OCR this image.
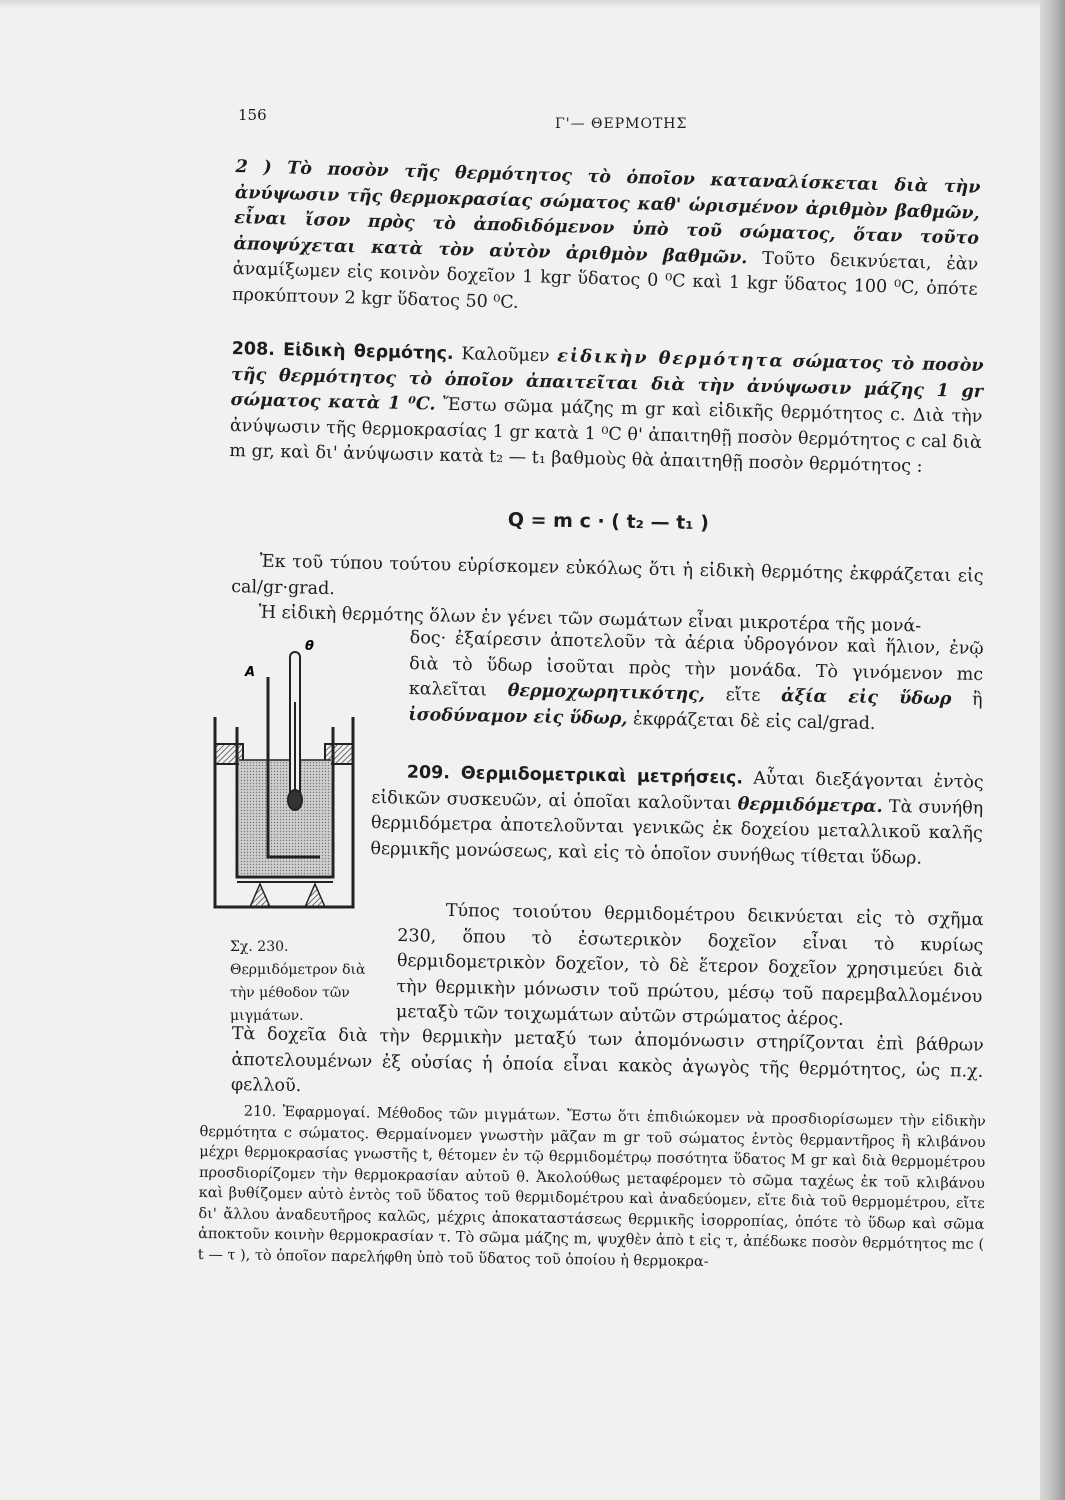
156	Γ'— ΘΕΡΜΟΤΗΣ
2 ) Τὸ ποσὸν τῆς θερμότητος τὸ ὁποῖον καταναλίσκεται διὰ τὴν ἀνύψωσιν τῆς θερμοκρασίας σώματος καθ' ὡρισμένον ἀριθμὸν βαθμῶν, εἶναι ἴσον πρὸς τὸ ἀποδιδόμενον ὑπὸ τοῦ σώματος, ὅταν τοῦτο ἀποψύχεται κατὰ τὸν αὐτὸν ἀριθμὸν βαθμῶν. Τοῦτο δεικνύεται, ἐὰν ἀναμίξωμεν εἰς κοινὸν δοχεῖον 1 kgr ὕδατος 0 ⁰C καὶ 1 kgr ὕδατος 100 ⁰C, ὁπότε προκύπτουν 2 kgr ὕδατος 50 ⁰C.
208. Εἰδικὴ θερμότης. Καλοῦμεν εἰδικὴν θερμότητα σώματος τὸ ποσὸν τῆς θερμότητος τὸ ὁποῖον ἀπαιτεῖται διὰ τὴν ἀνύψωσιν μάζης 1 gr σώματος κατὰ 1 ⁰C. Ἔστω σῶμα μάζης m gr καὶ εἰδικῆς θερμότητος c. Διὰ τὴν ἀνύψωσιν τῆς θερμοκρασίας 1 gr κατὰ 1 ⁰C θ' ἀπαιτηθῇ ποσὸν θερμότητος c cal διὰ m gr, καὶ δι' ἀνύψωσιν κατὰ t₂ — t₁ βαθμοὺς θὰ ἀπαιτηθῇ ποσὸν θερμότητος :
Q = m c · ( t₂ — t₁ )
Ἐκ τοῦ τύπου τούτου εὑρίσκομεν εὐκόλως ὅτι ἡ εἰδικὴ θερμότης ἐκφράζεται εἰς cal/gr·grad.
Ἡ εἰδικὴ θερμότης ὅλων ἐν γένει τῶν σωμάτων εἶναι μικροτέρα τῆς μονά-
δος· ἐξαίρεσιν ἀποτελοῦν τὰ ἀέρια ὑδρογόνον καὶ ἥλιον, ἐνῷ διὰ τὸ ὕδωρ ἰσοῦται πρὸς τὴν μονάδα. Τὸ γινόμενον mc καλεῖται θερμοχωρητικότης, εἴτε ἀξία εἰς ὕδωρ ἢ ἰσοδύναμον εἰς ὕδωρ, ἐκφράζεται δὲ εἰς cal/grad.
209. Θερμιδομετρικαὶ μετρήσεις. Αὗται διεξάγονται ἐντὸς εἰδικῶν συσκευῶν, αἱ ὁποῖαι καλοῦνται θερμιδόμετρα. Τὰ συνήθη θερμιδόμετρα ἀποτελοῦνται γενικῶς ἐκ δοχείου μεταλλικοῦ καλῆς θερμικῆς μονώσεως, καὶ εἰς τὸ ὁποῖον συνήθως τίθεται ὕδωρ.
Τύπος τοιούτου θερμιδομέτρου δεικνύεται εἰς τὸ σχῆμα 230, ὅπου τὸ ἐσωτερικὸν δοχεῖον εἶναι τὸ κυρίως θερμιδομετρικὸν δοχεῖον, τὸ δὲ ἕτερον δοχεῖον χρησιμεύει διὰ τὴν θερμικὴν μόνωσιν τοῦ πρώτου, μέσῳ τοῦ παρεμβαλλομένου μεταξὺ τῶν τοιχωμάτων αὐτῶν στρώματος ἀέρος.
Τὰ δοχεῖα διὰ τὴν θερμικὴν μεταξύ των ἀπομόνωσιν στηρίζονται ἐπὶ βάθρων ἀποτελουμένων ἐξ οὐσίας ἡ ὁποία εἶναι κακὸς ἀγωγὸς τῆς θερμότητος, ὡς π.χ. φελλοῦ.
210. Ἐφαρμογαί. Μέθοδος τῶν μιγμάτων. Ἔστω ὅτι ἐπιδιώκομεν νὰ προσδιορίσωμεν τὴν εἰδικὴν θερμότητα c σώματος. Θερμαίνομεν γνωστὴν μᾶζαν m gr τοῦ σώματος ἐντὸς θερμαντῆρος ἢ κλιβάνου μέχρι θερμοκρασίας γνωστῆς t, θέτομεν ἐν τῷ θερμιδομέτρῳ ποσότητα ὕδατος M gr καὶ διὰ θερμομέτρου προσδιορίζομεν τὴν θερμοκρασίαν αὐτοῦ θ. Ἀκολούθως μεταφέρομεν τὸ σῶμα ταχέως ἐκ τοῦ κλιβάνου καὶ βυθίζομεν αὐτὸ ἐντὸς τοῦ ὕδατος τοῦ θερμιδομέτρου καὶ ἀναδεύομεν, εἴτε διὰ τοῦ θερμομέτρου, εἴτε δι' ἄλλου ἀναδευτῆρος καλῶς, μέχρις ἀποκαταστάσεως θερμικῆς ἰσορροπίας, ὁπότε τὸ ὕδωρ καὶ σῶμα ἀποκτοῦν κοινὴν θερμοκρασίαν τ. Τὸ σῶμα μάζης m, ψυχθὲν ἀπὸ t εἰς τ, ἀπέδωκε ποσὸν θερμότητος mc ( t — τ ), τὸ ὁποῖον παρελήφθη ὑπὸ τοῦ ὕδατος τοῦ ὁποίου ἡ θερμοκρα-
A
θ
Σχ. 230. Θερμιδόμετρον διὰ τὴν μέθοδον τῶν μιγμάτων.
